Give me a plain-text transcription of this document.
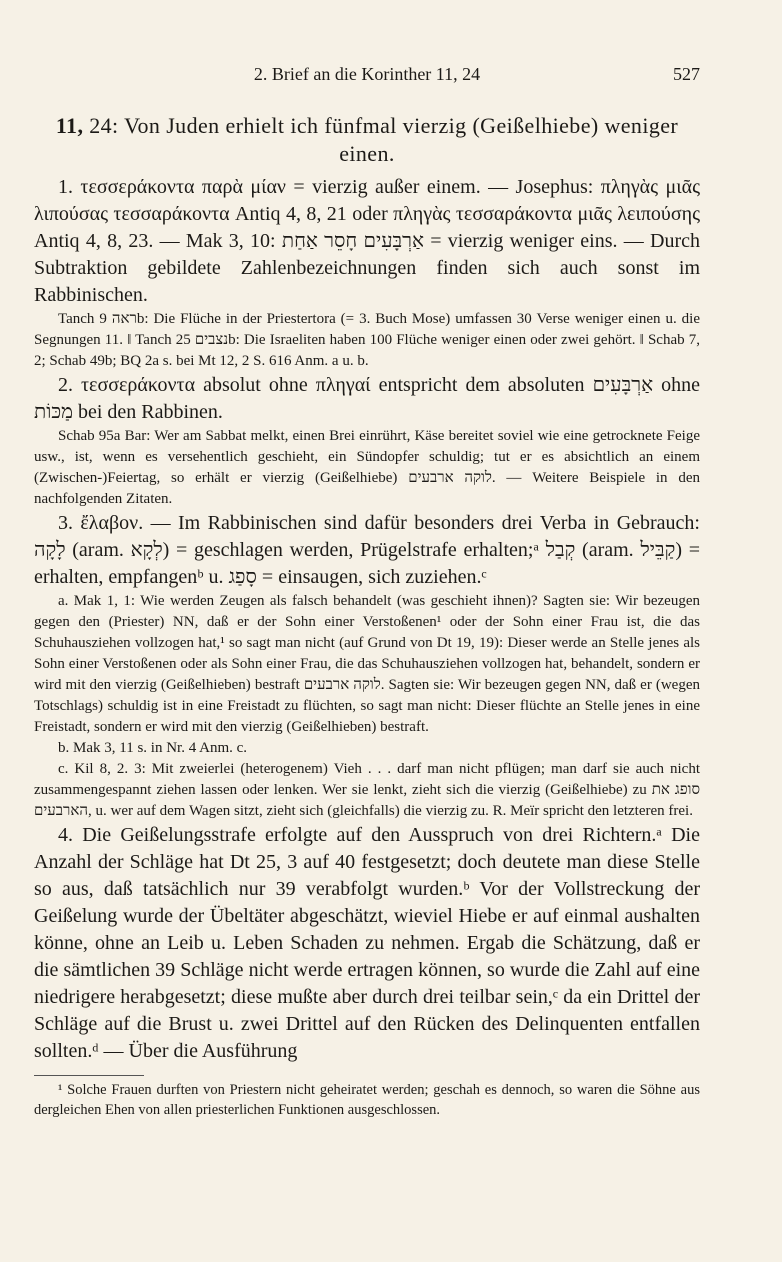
2. Brief an die Korinther 11, 24	527
11, 24: Von Juden erhielt ich fünfmal vierzig (Geißelhiebe) weniger einen.

1. τεσσεράκοντα παρὰ μίαν = vierzig außer einem. — Josephus: πληγὰς μιᾶς λιπούσας τεσσαράκοντα Antiq 4, 8, 21 oder πληγὰς τεσσαράκοντα μιᾶς λειπούσης Antiq 4, 8, 23. — Mak 3, 10: אַרְבָּעִים חָסֵר אַחַת = vierzig weniger eins. — Durch Subtraktion gebildete Zahlenbezeichnungen finden sich auch sonst im Rabbinischen.

Tanch ראה 9b: Die Flüche in der Priestertora (= 3. Buch Mose) umfassen 30 Verse weniger einen u. die Segnungen 11. ‖ Tanch נצבים 25b: Die Israeliten haben 100 Flüche weniger einen oder zwei gehört. ‖ Schab 7, 2; Schab 49b; BQ 2a s. bei Mt 12, 2 S. 616 Anm. a u. b.

2. τεσσεράκοντα absolut ohne πληγαί entspricht dem absoluten אַרְבָּעִים ohne מַכּוֹת bei den Rabbinen.

Schab 95a Bar: Wer am Sabbat melkt, einen Brei einrührt, Käse bereitet soviel wie eine getrocknete Feige usw., ist, wenn es versehentlich geschieht, ein Sündopfer schuldig; tut er es absichtlich an einem (Zwischen-)Feiertag, so erhält er vierzig (Geißelhiebe) לוקה ארבעים. — Weitere Beispiele in den nachfolgenden Zitaten.

3. ἔλαβον. — Im Rabbinischen sind dafür besonders drei Verba in Gebrauch: לָקָה (aram. לְקָא) = geschlagen werden, Prügelstrafe erhalten;ᵃ קְבַל (aram. קַבֵּיל) = erhalten, empfangenᵇ u. סָפַג = einsaugen, sich zuziehen.ᶜ

a. Mak 1, 1: Wie werden Zeugen als falsch behandelt (was geschieht ihnen)? Sagten sie: Wir bezeugen gegen den (Priester) NN, daß er der Sohn einer Verstoßenen¹ oder der Sohn einer Frau ist, die das Schuhausziehen vollzogen hat,¹ so sagt man nicht (auf Grund von Dt 19, 19): Dieser werde an Stelle jenes als Sohn einer Verstoßenen oder als Sohn einer Frau, die das Schuhausziehen vollzogen hat, behandelt, sondern er wird mit den vierzig (Geißelhieben) bestraft לוקה ארבעים. Sagten sie: Wir bezeugen gegen NN, daß er (wegen Totschlags) schuldig ist in eine Freistadt zu flüchten, so sagt man nicht: Dieser flüchte an Stelle jenes in eine Freistadt, sondern er wird mit den vierzig (Geißelhieben) bestraft.

b. Mak 3, 11 s. in Nr. 4 Anm. c.

c. Kil 8, 2. 3: Mit zweierlei (heterogenem) Vieh . . . darf man nicht pflügen; man darf sie auch nicht zusammengespannt ziehen lassen oder lenken. Wer sie lenkt, zieht sich die vierzig (Geißelhiebe) zu סופג את הארבעים, u. wer auf dem Wagen sitzt, zieht sich (gleichfalls) die vierzig zu. R. Meïr spricht den letzteren frei.

4. Die Geißelungsstrafe erfolgte auf den Ausspruch von drei Richtern.ᵃ Die Anzahl der Schläge hat Dt 25, 3 auf 40 festgesetzt; doch deutete man diese Stelle so aus, daß tatsächlich nur 39 verabfolgt wurden.ᵇ Vor der Vollstreckung der Geißelung wurde der Übeltäter abgeschätzt, wieviel Hiebe er auf einmal aushalten könne, ohne an Leib u. Leben Schaden zu nehmen. Ergab die Schätzung, daß er die sämtlichen 39 Schläge nicht werde ertragen können, so wurde die Zahl auf eine niedrigere herabgesetzt; diese mußte aber durch drei teilbar sein,ᶜ da ein Drittel der Schläge auf die Brust u. zwei Drittel auf den Rücken des Delinquenten entfallen sollten.ᵈ — Über die Ausführung

¹ Solche Frauen durften von Priestern nicht geheiratet werden; geschah es dennoch, so waren die Söhne aus dergleichen Ehen von allen priesterlichen Funktionen ausgeschlossen.
